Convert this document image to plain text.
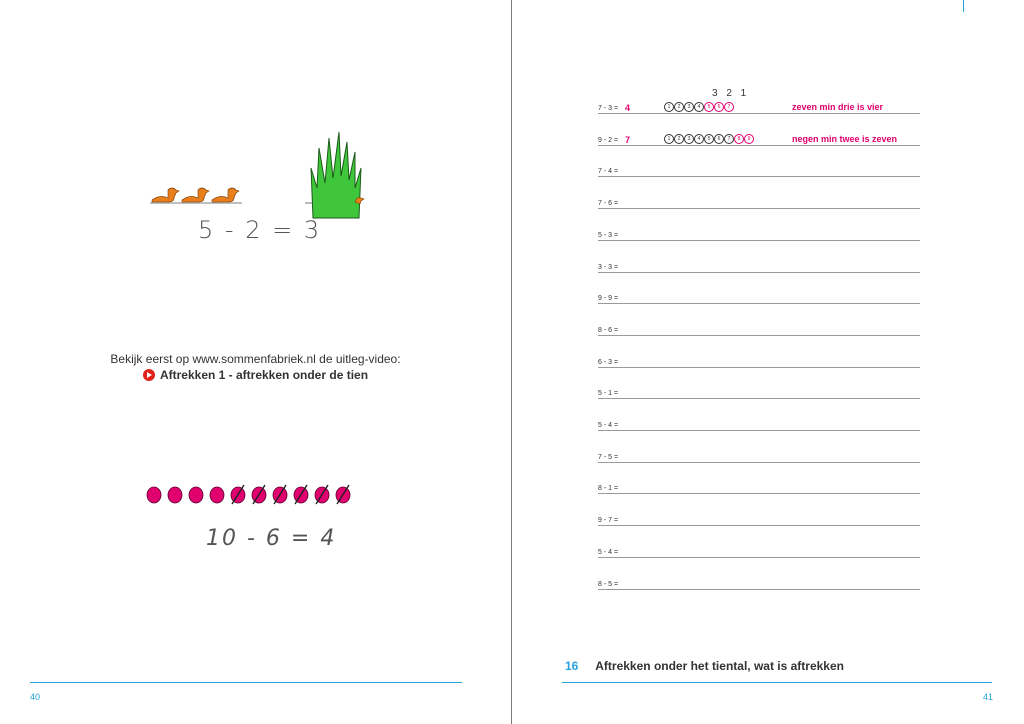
5 - 2 = 3
Bekijk eerst op www.sommenfabriek.nl de uitleg-video:
Aftrekken 1 - aftrekken onder de tien
10 - 6 = 4
40
3 2 1
7 - 3 = 4	1	2	3	4	5	6	7	zeven min drie is vier
9 - 2 = 7	1	2	3	4	5	6	7	8	9	negen min twee is zeven
7 - 4 =
7 - 6 =
5 - 3 =
3 - 3 =
9 - 9 =
8 - 6 =
6 - 3 =
5 - 1 =
5 - 4 =
7 - 5 =
8 - 1 =
9 - 7 =
5 - 4 =
8 - 5 =
16 Aftrekken onder het tiental, wat is aftrekken
41
